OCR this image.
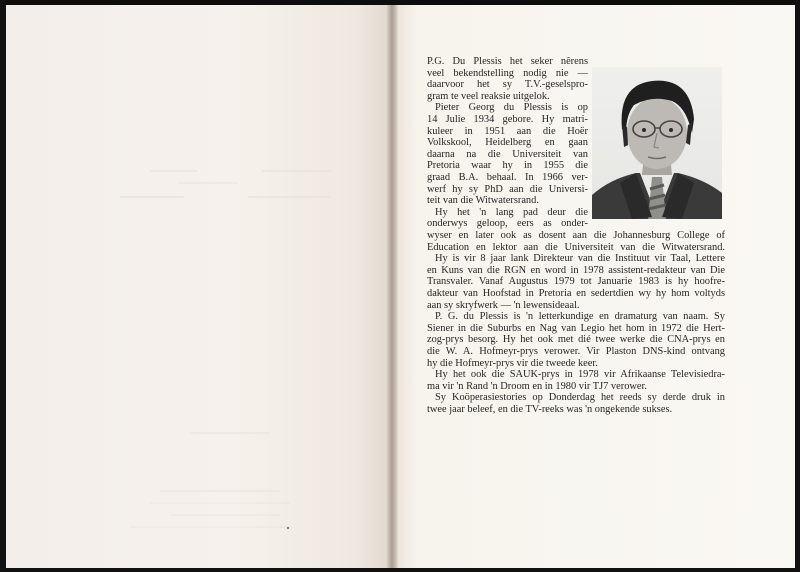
P.G. Du Plessis het seker nêrens
veel bekendstelling nodig nie —
daarvoor het sy T.V.-geselspro-
gram te veel reaksie uitgelok.
Pieter Georg du Plessis is op
14 Julie 1934 gebore. Hy matri-
kuleer in 1951 aan die Hoër
Volkskool, Heidelberg en gaan
daarna na die Universiteit van
Pretoria waar hy in 1955 die
graad B.A. behaal. In 1966 ver-
werf hy sy PhD aan die Universi-
teit van die Witwatersrand.
Hy het 'n lang pad deur die
onderwys geloop, eers as onder-
wyser en later ook as dosent aan die Johannesburg College of
Education en lektor aan die Universiteit van die Witwatersrand.
Hy is vir 8 jaar lank Direkteur van die Instituut vir Taal, Lettere
en Kuns van die RGN en word in 1978 assistent-redakteur van Die
Transvaler. Vanaf Augustus 1979 tot Januarie 1983 is hy hoofre-
dakteur van Hoofstad in Pretoria en sedertdien wy hy hom voltyds
aan sy skryfwerk — 'n lewensideaal.
P. G. du Plessis is 'n letterkundige en dramaturg van naam. Sy
Siener in die Suburbs en Nag van Legio het hom in 1972 die Hert-
zog-prys besorg. Hy het ook met dié twee werke die CNA-prys en
die W. A. Hofmeyr-prys verower. Vir Plaston DNS-kind ontvang
hy die Hofmeyr-prys vir die tweede keer.
Hy het ook die SAUK-prys in 1978 vir Afrikaanse Televisiedra-
ma vir 'n Rand 'n Droom en in 1980 vir TJ7 verower.
Sy Koöperasiestories op Donderdag het reeds sy derde druk in
twee jaar beleef, en die TV-reeks was 'n ongekende sukses.
